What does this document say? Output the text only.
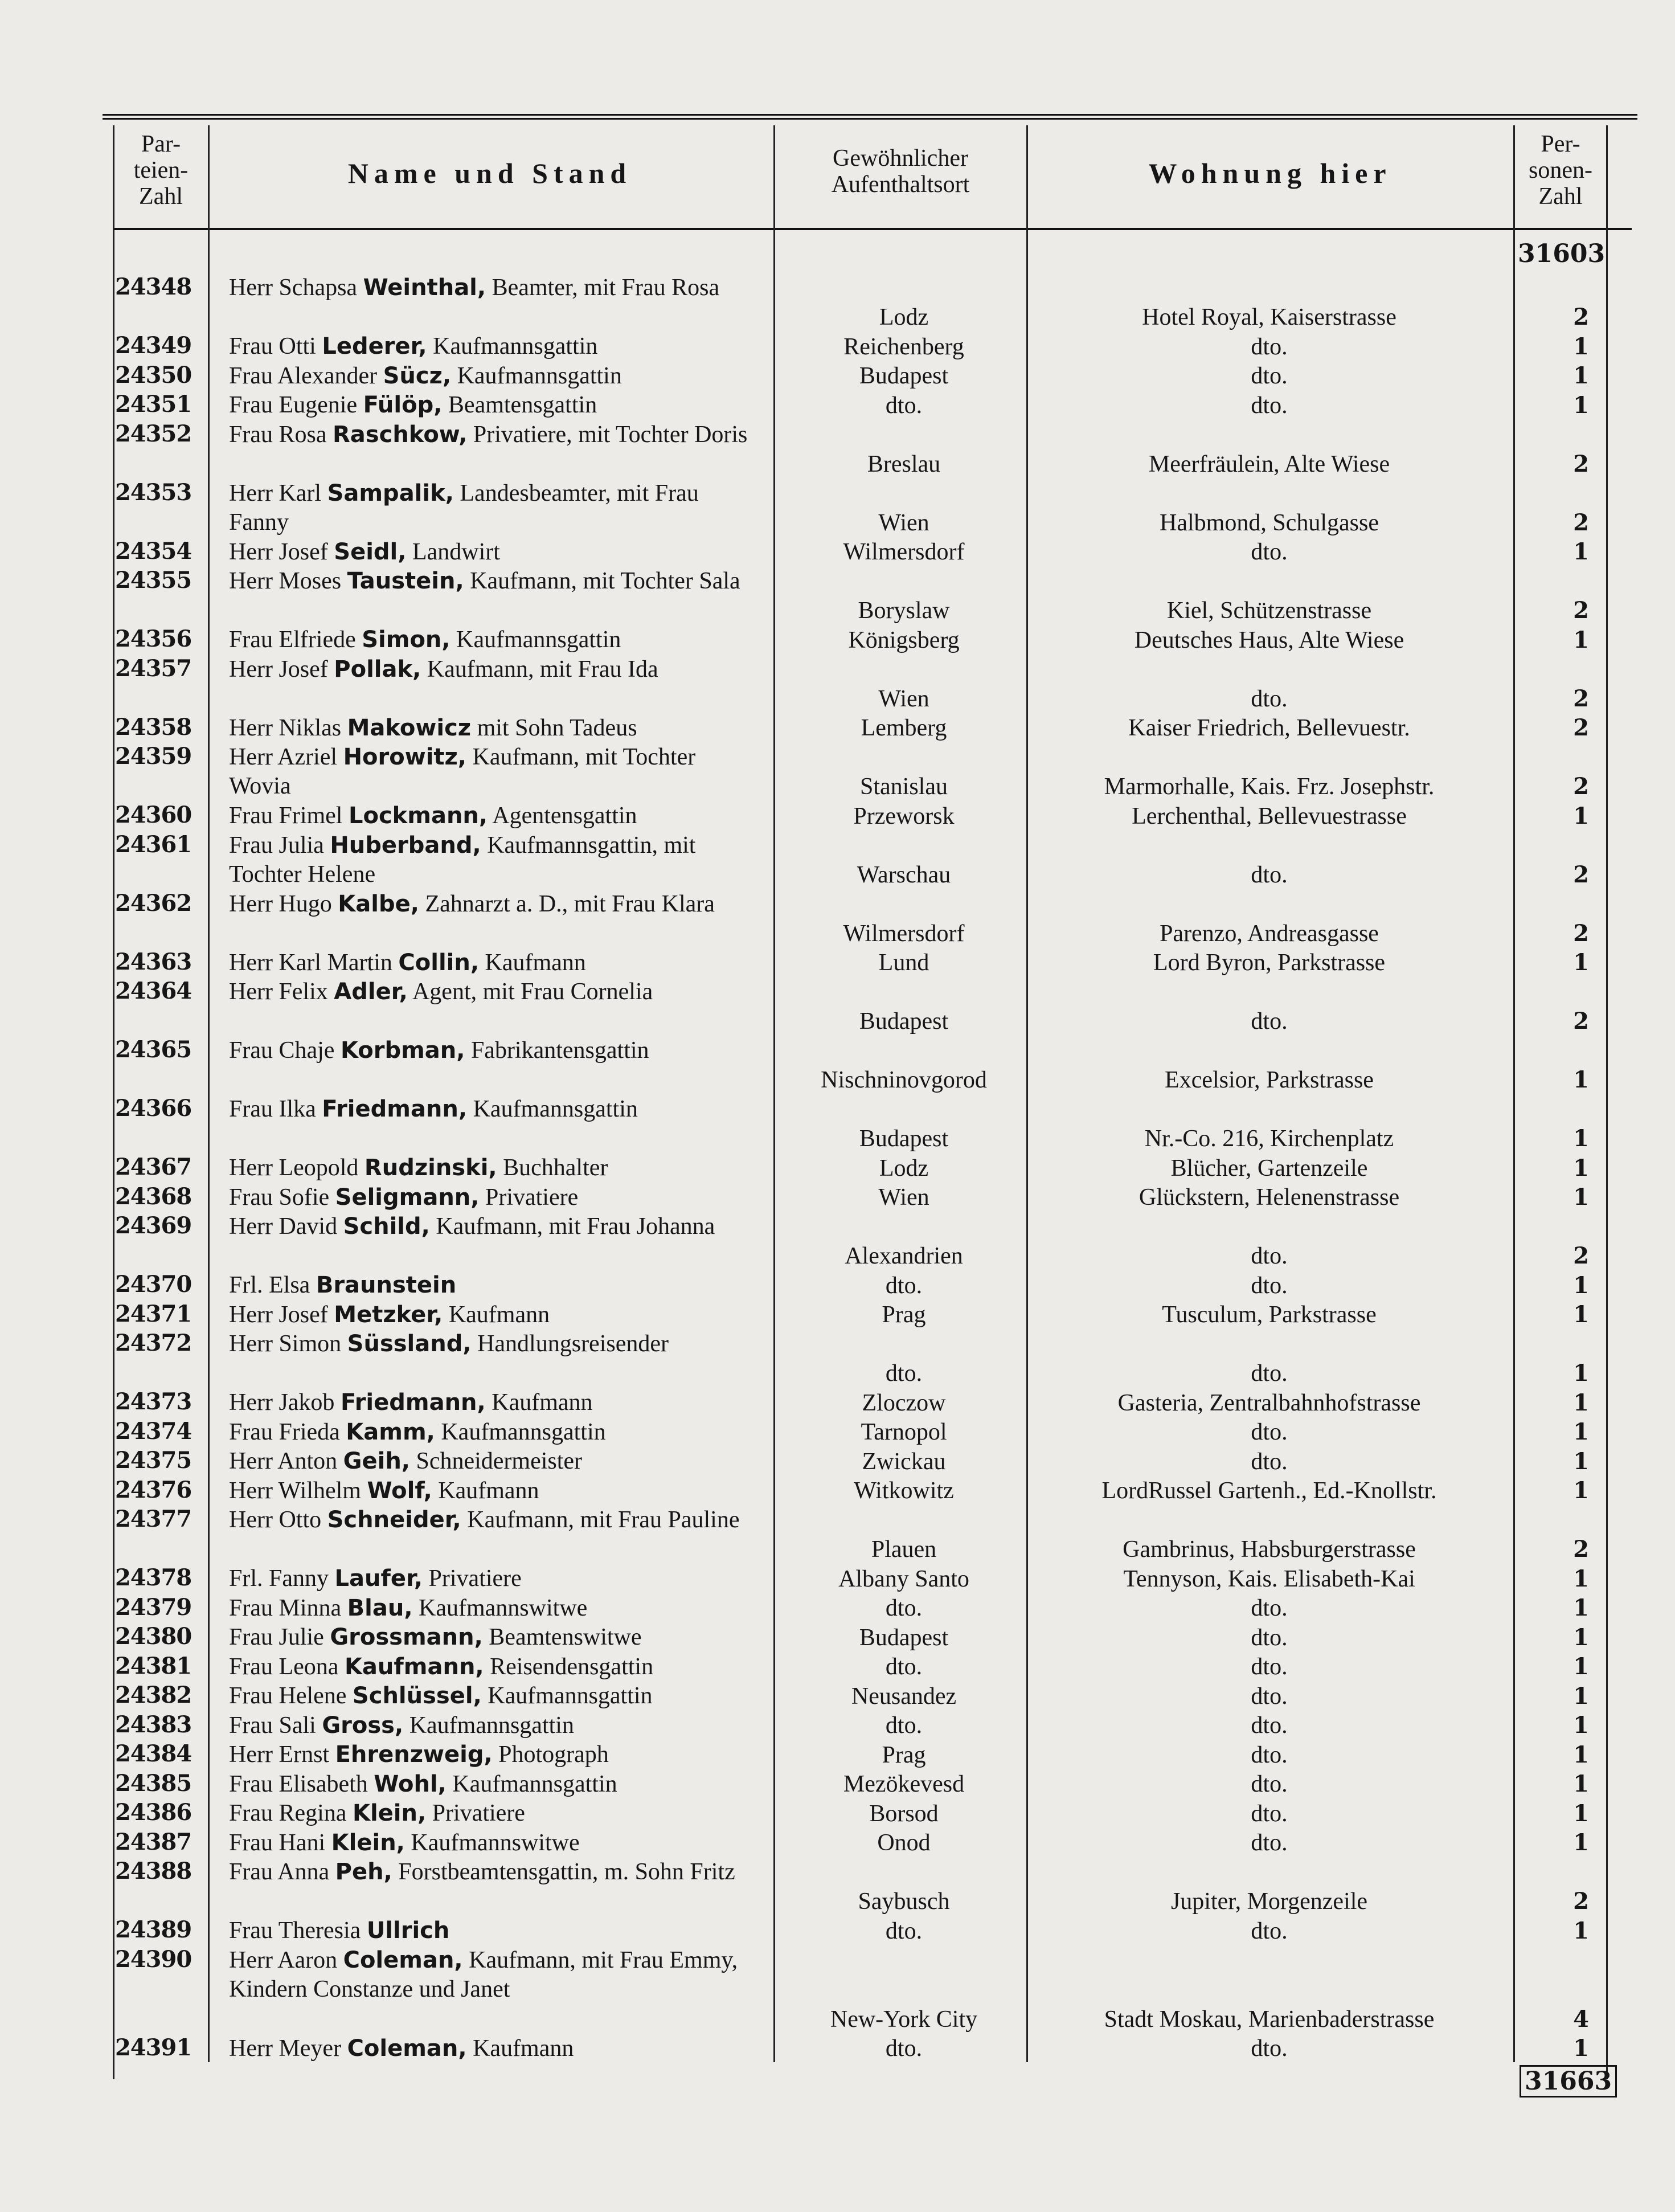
Par- teien- Zahl
Name und Stand	Gewöhnlicher Aufenthaltsort	Wohnung hier
Per- sonen- Zahl
31603
24348 Herr Schapsa Weinthal, Beamter, mit Frau Rosa
Lodz	Hotel Royal, Kaiserstrasse	2
24349 Frau Otti Lederer, Kaufmannsgattin	Reichenberg	dto.	1
24350 Frau Alexander Sücz, Kaufmannsgattin	Budapest	dto.	1
24351 Frau Eugenie Fülöp, Beamtensgattin	dto.	dto.	1
24352 Frau Rosa Raschkow, Privatiere, mit Tochter Doris
Breslau	Meerfräulein, Alte Wiese	2
24353 Herr Karl Sampalik, Landesbeamter, mit Frau Fanny	Wien	Halbmond, Schulgasse	2
24354 Herr Josef Seidl, Landwirt	Wilmersdorf	dto.	1
24355 Herr Moses Taustein, Kaufmann, mit Tochter Sala
Boryslaw	Kiel, Schützenstrasse	2
24356 Frau Elfriede Simon, Kaufmannsgattin	Königsberg	Deutsches Haus, Alte Wiese	1
24357 Herr Josef Pollak, Kaufmann, mit Frau Ida
Wien	dto.	2
24358 Herr Niklas Makowicz mit Sohn Tadeus	Lemberg	Kaiser Friedrich, Bellevuestr.	2
24359 Herr Azriel Horowitz, Kaufmann, mit Tochter Wovia	Stanislau	Marmorhalle, Kais. Frz. Josephstr.	2
24360 Frau Frimel Lockmann, Agentensgattin	Przeworsk	Lerchenthal, Bellevuestrasse	1
24361 Frau Julia Huberband, Kaufmannsgattin, mit Tochter Helene	Warschau	dto.	2
24362 Herr Hugo Kalbe, Zahnarzt a. D., mit Frau Klara
Wilmersdorf	Parenzo, Andreasgasse	2
24363 Herr Karl Martin Collin, Kaufmann	Lund	Lord Byron, Parkstrasse	1
24364 Herr Felix Adler, Agent, mit Frau Cornelia
Budapest	dto.	2
24365 Frau Chaje Korbman, Fabrikantensgattin
Nischninovgorod	Excelsior, Parkstrasse	1
24366 Frau Ilka Friedmann, Kaufmannsgattin
Budapest	Nr.-Co. 216, Kirchenplatz	1
24367 Herr Leopold Rudzinski, Buchhalter	Lodz	Blücher, Gartenzeile	1
24368 Frau Sofie Seligmann, Privatiere	Wien	Glückstern, Helenenstrasse	1
24369 Herr David Schild, Kaufmann, mit Frau Johanna
Alexandrien	dto.	2
24370 Frl. Elsa Braunstein	dto.	dto.	1
24371 Herr Josef Metzker, Kaufmann	Prag	Tusculum, Parkstrasse	1
24372 Herr Simon Süssland, Handlungsreisender
dto.	dto.	1
24373 Herr Jakob Friedmann, Kaufmann	Zloczow	Gasteria, Zentralbahnhofstrasse	1
24374 Frau Frieda Kamm, Kaufmannsgattin	Tarnopol	dto.	1
24375 Herr Anton Geih, Schneidermeister	Zwickau	dto.	1
24376 Herr Wilhelm Wolf, Kaufmann	Witkowitz	LordRussel Gartenh., Ed.-Knollstr.	1
24377 Herr Otto Schneider, Kaufmann, mit Frau Pauline
Plauen	Gambrinus, Habsburgerstrasse	2
24378 Frl. Fanny Laufer, Privatiere	Albany Santo	Tennyson, Kais. Elisabeth-Kai	1
24379 Frau Minna Blau, Kaufmannswitwe	dto.	dto.	1
24380 Frau Julie Grossmann, Beamtenswitwe	Budapest	dto.	1
24381 Frau Leona Kaufmann, Reisendensgattin	dto.	dto.	1
24382 Frau Helene Schlüssel, Kaufmannsgattin	Neusandez	dto.	1
24383 Frau Sali Gross, Kaufmannsgattin	dto.	dto.	1
24384 Herr Ernst Ehrenzweig, Photograph	Prag	dto.	1
24385 Frau Elisabeth Wohl, Kaufmannsgattin	Mezökevesd	dto.	1
24386 Frau Regina Klein, Privatiere	Borsod	dto.	1
24387 Frau Hani Klein, Kaufmannswitwe	Onod	dto.	1
24388 Frau Anna Peh, Forstbeamtensgattin, m. Sohn Fritz
Saybusch	Jupiter, Morgenzeile	2
24389 Frau Theresia Ullrich	dto.	dto.	1
24390 Herr Aaron Coleman, Kaufmann, mit Frau Emmy, Kindern Constanze und Janet
New-York City	Stadt Moskau, Marienbaderstrasse	4
24391 Herr Meyer Coleman, Kaufmann	dto.	dto.	1
31663
